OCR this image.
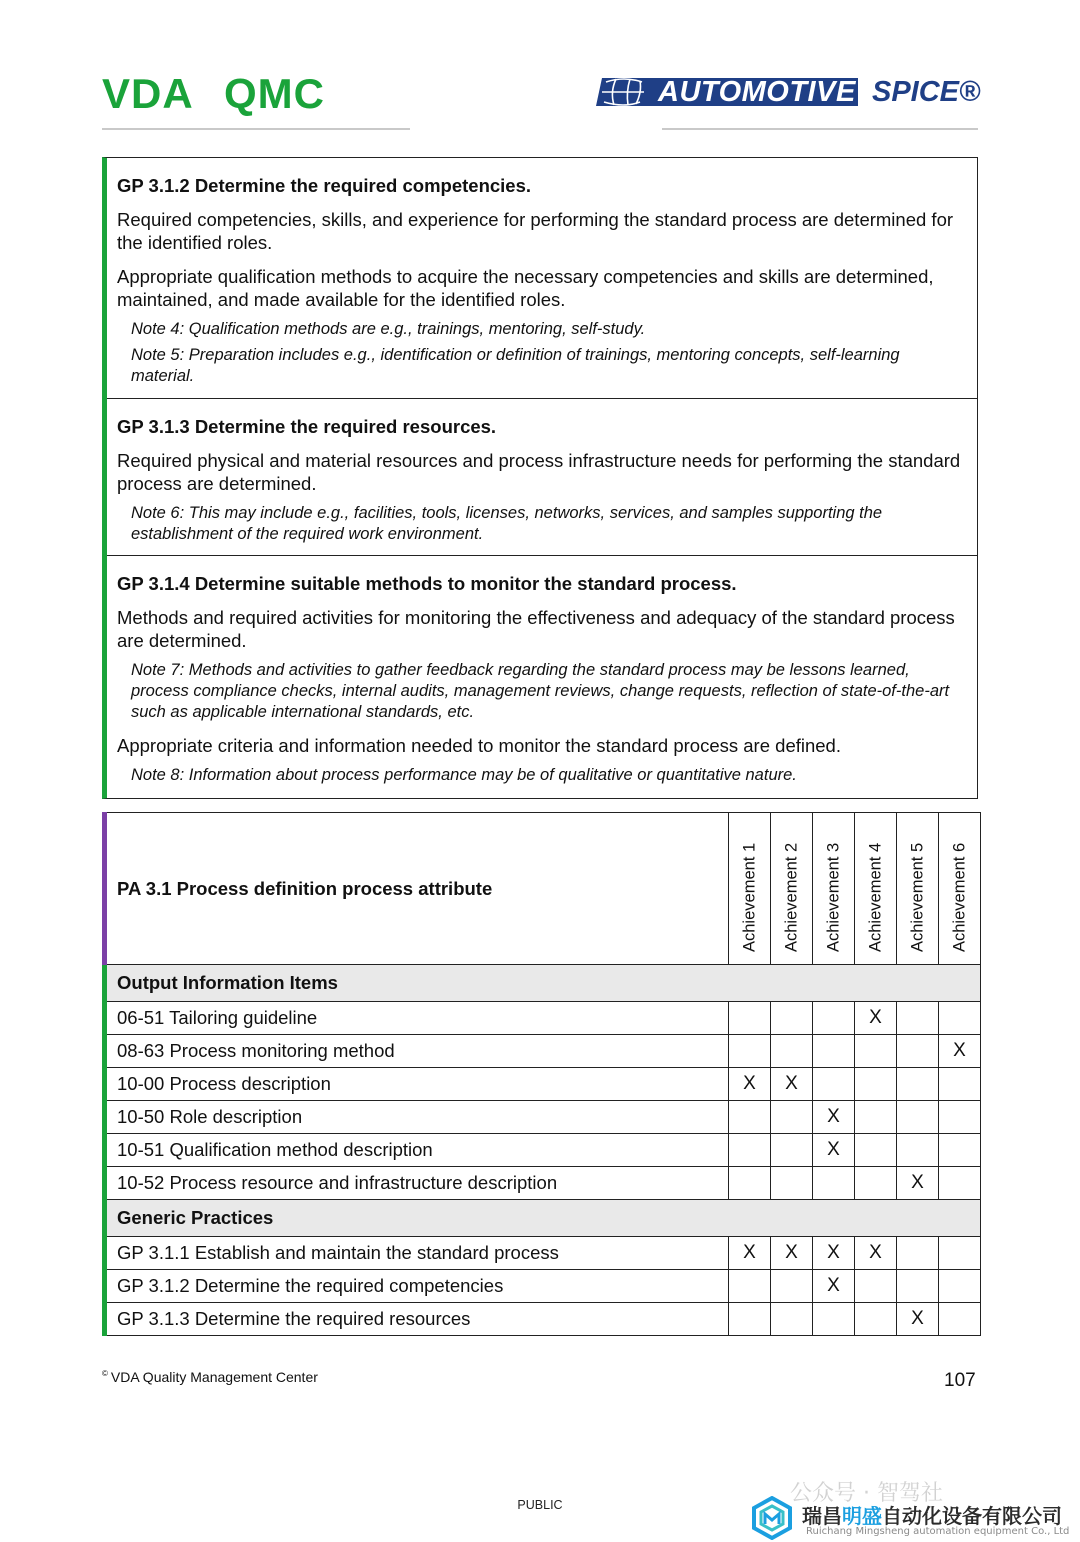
VDA QMC	AUTOMOTIVE SPICE®
GP 3.1.2 Determine the required competencies.
Required competencies, skills, and experience for performing the standard process are determined for the identified roles.
Appropriate qualification methods to acquire the necessary competencies and skills are determined, maintained, and made available for the identified roles.
Note 4: Qualification methods are e.g., trainings, mentoring, self-study.
Note 5: Preparation includes e.g., identification or definition of trainings, mentoring concepts, self-learning material.
GP 3.1.3 Determine the required resources.
Required physical and material resources and process infrastructure needs for performing the standard process are determined.
Note 6: This may include e.g., facilities, tools, licenses, networks, services, and samples supporting the establishment of the required work environment.
GP 3.1.4 Determine suitable methods to monitor the standard process.
Methods and required activities for monitoring the effectiveness and adequacy of the standard process are determined.
Note 7: Methods and activities to gather feedback regarding the standard process may be lessons learned, process compliance checks, internal audits, management reviews, change requests, reflection of state-of-the-art such as applicable international standards, etc.
Appropriate criteria and information needed to monitor the standard process are defined.
Note 8: Information about process performance may be of qualitative or quantitative nature.
PA 3.1 Process definition process attribute	Achievement 1	Achievement 2	Achievement 3	Achievement 4	Achievement 5	Achievement 6

Output Information Items						
06-51 Tailoring guideline				X		
08-63 Process monitoring method						X
10-00 Process description	X	X				
10-50 Role description			X			
10-51 Qualification method description			X			
10-52 Process resource and infrastructure description					X	
Generic Practices						
GP 3.1.1 Establish and maintain the standard process	X	X	X	X		
GP 3.1.2 Determine the required competencies			X			
GP 3.1.3 Determine the required resources					X	
© VDA Quality Management Center	107
PUBLIC	公众号 · 智驾社
瑞昌明盛自动化设备有限公司
Ruichang Mingsheng automation equipment Co., Ltd
